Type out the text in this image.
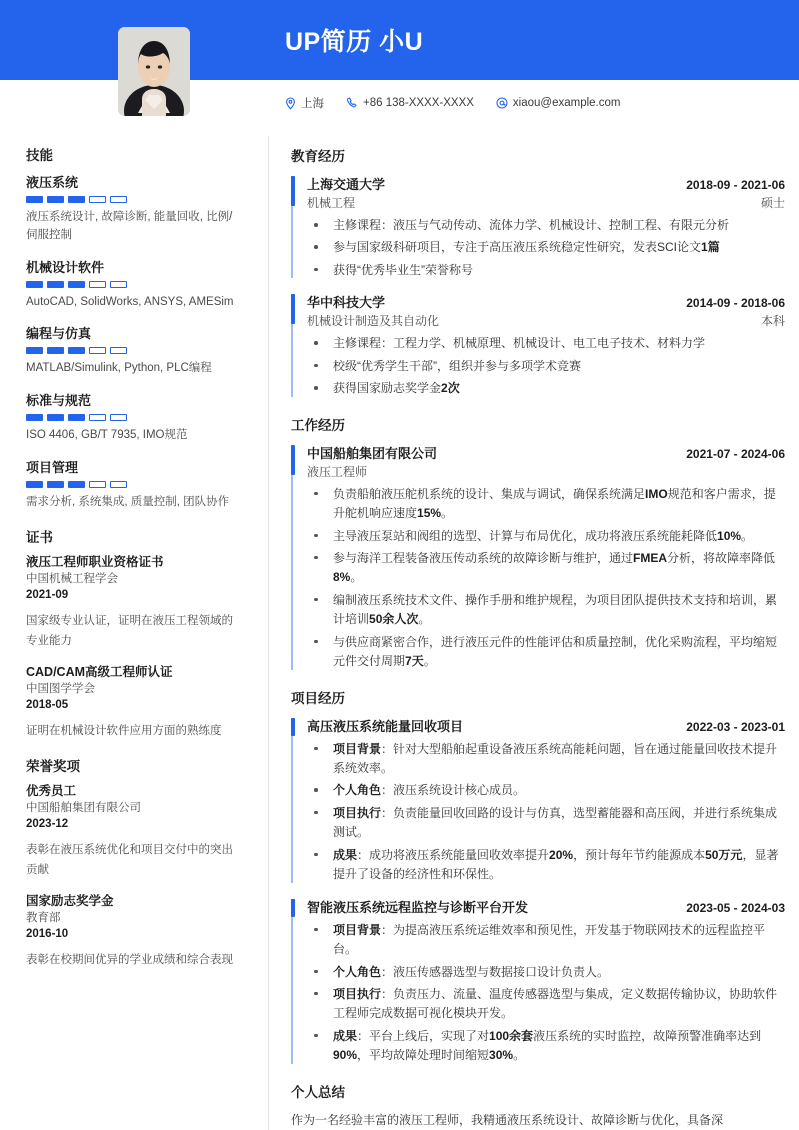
UP简历 小U
上海	+86 138-XXXX-XXXX	xiaou@example.com
技能
液压系统
液压系统设计, 故障诊断, 能量回收, 比例/伺服控制
机械设计软件
AutoCAD, SolidWorks, ANSYS, AMESim
编程与仿真
MATLAB/Simulink, Python, PLC编程
标准与规范
ISO 4406, GB/T 7935, IMO规范
项目管理
需求分析, 系统集成, 质量控制, 团队协作
证书
液压工程师职业资格证书
中国机械工程学会
2021-09
国家级专业认证，证明在液压工程领域的专业能力
CAD/CAM高级工程师认证
中国图学学会
2018-05
证明在机械设计软件应用方面的熟练度
荣誉奖项
优秀员工
中国船舶集团有限公司
2023-12
表彰在液压系统优化和项目交付中的突出贡献
国家励志奖学金
教育部
2016-10
表彰在校期间优异的学业成绩和综合表现
教育经历
上海交通大学	2018-09 - 2021-06
机械工程	硕士
主修课程：液压与气动传动、流体力学、机械设计、控制工程、有限元分析
参与国家级科研项目，专注于高压液压系统稳定性研究，发表SCI论文1篇
获得“优秀毕业生”荣誉称号
华中科技大学	2014-09 - 2018-06
机械设计制造及其自动化	本科
主修课程：工程力学、机械原理、机械设计、电工电子技术、材料力学
校级“优秀学生干部”，组织并参与多项学术竞赛
获得国家励志奖学金2次
工作经历
中国船舶集团有限公司	2021-07 - 2024-06
液压工程师
负责船舶液压舵机系统的设计、集成与调试，确保系统满足IMO规范和客户需求，提升舵机响应速度15%。
主导液压泵站和阀组的选型、计算与布局优化，成功将液压系统能耗降低10%。
参与海洋工程装备液压传动系统的故障诊断与维护，通过FMEA分析，将故障率降低8%。
编制液压系统技术文件、操作手册和维护规程，为项目团队提供技术支持和培训，累计培训50余人次。
与供应商紧密合作，进行液压元件的性能评估和质量控制，优化采购流程，平均缩短元件交付周期7天。
项目经历
高压液压系统能量回收项目	2022-03 - 2023-01
项目背景：针对大型船舶起重设备液压系统高能耗问题，旨在通过能量回收技术提升系统效率。
个人角色：液压系统设计核心成员。
项目执行：负责能量回收回路的设计与仿真，选型蓄能器和高压阀，并进行系统集成测试。
成果：成功将液压系统能量回收效率提升20%，预计每年节约能源成本50万元，显著提升了设备的经济性和环保性。
智能液压系统远程监控与诊断平台开发	2023-05 - 2024-03
项目背景：为提高液压系统运维效率和预见性，开发基于物联网技术的远程监控平台。
个人角色：液压传感器选型与数据接口设计负责人。
项目执行：负责压力、流量、温度传感器选型与集成，定义数据传输协议，协助软件工程师完成数据可视化模块开发。
成果：平台上线后，实现了对100余套液压系统的实时监控，故障预警准确率达到90%，平均故障处理时间缩短30%。
个人总结
作为一名经验丰富的液压工程师，我精通液压系统设计、故障诊断与优化，具备深
